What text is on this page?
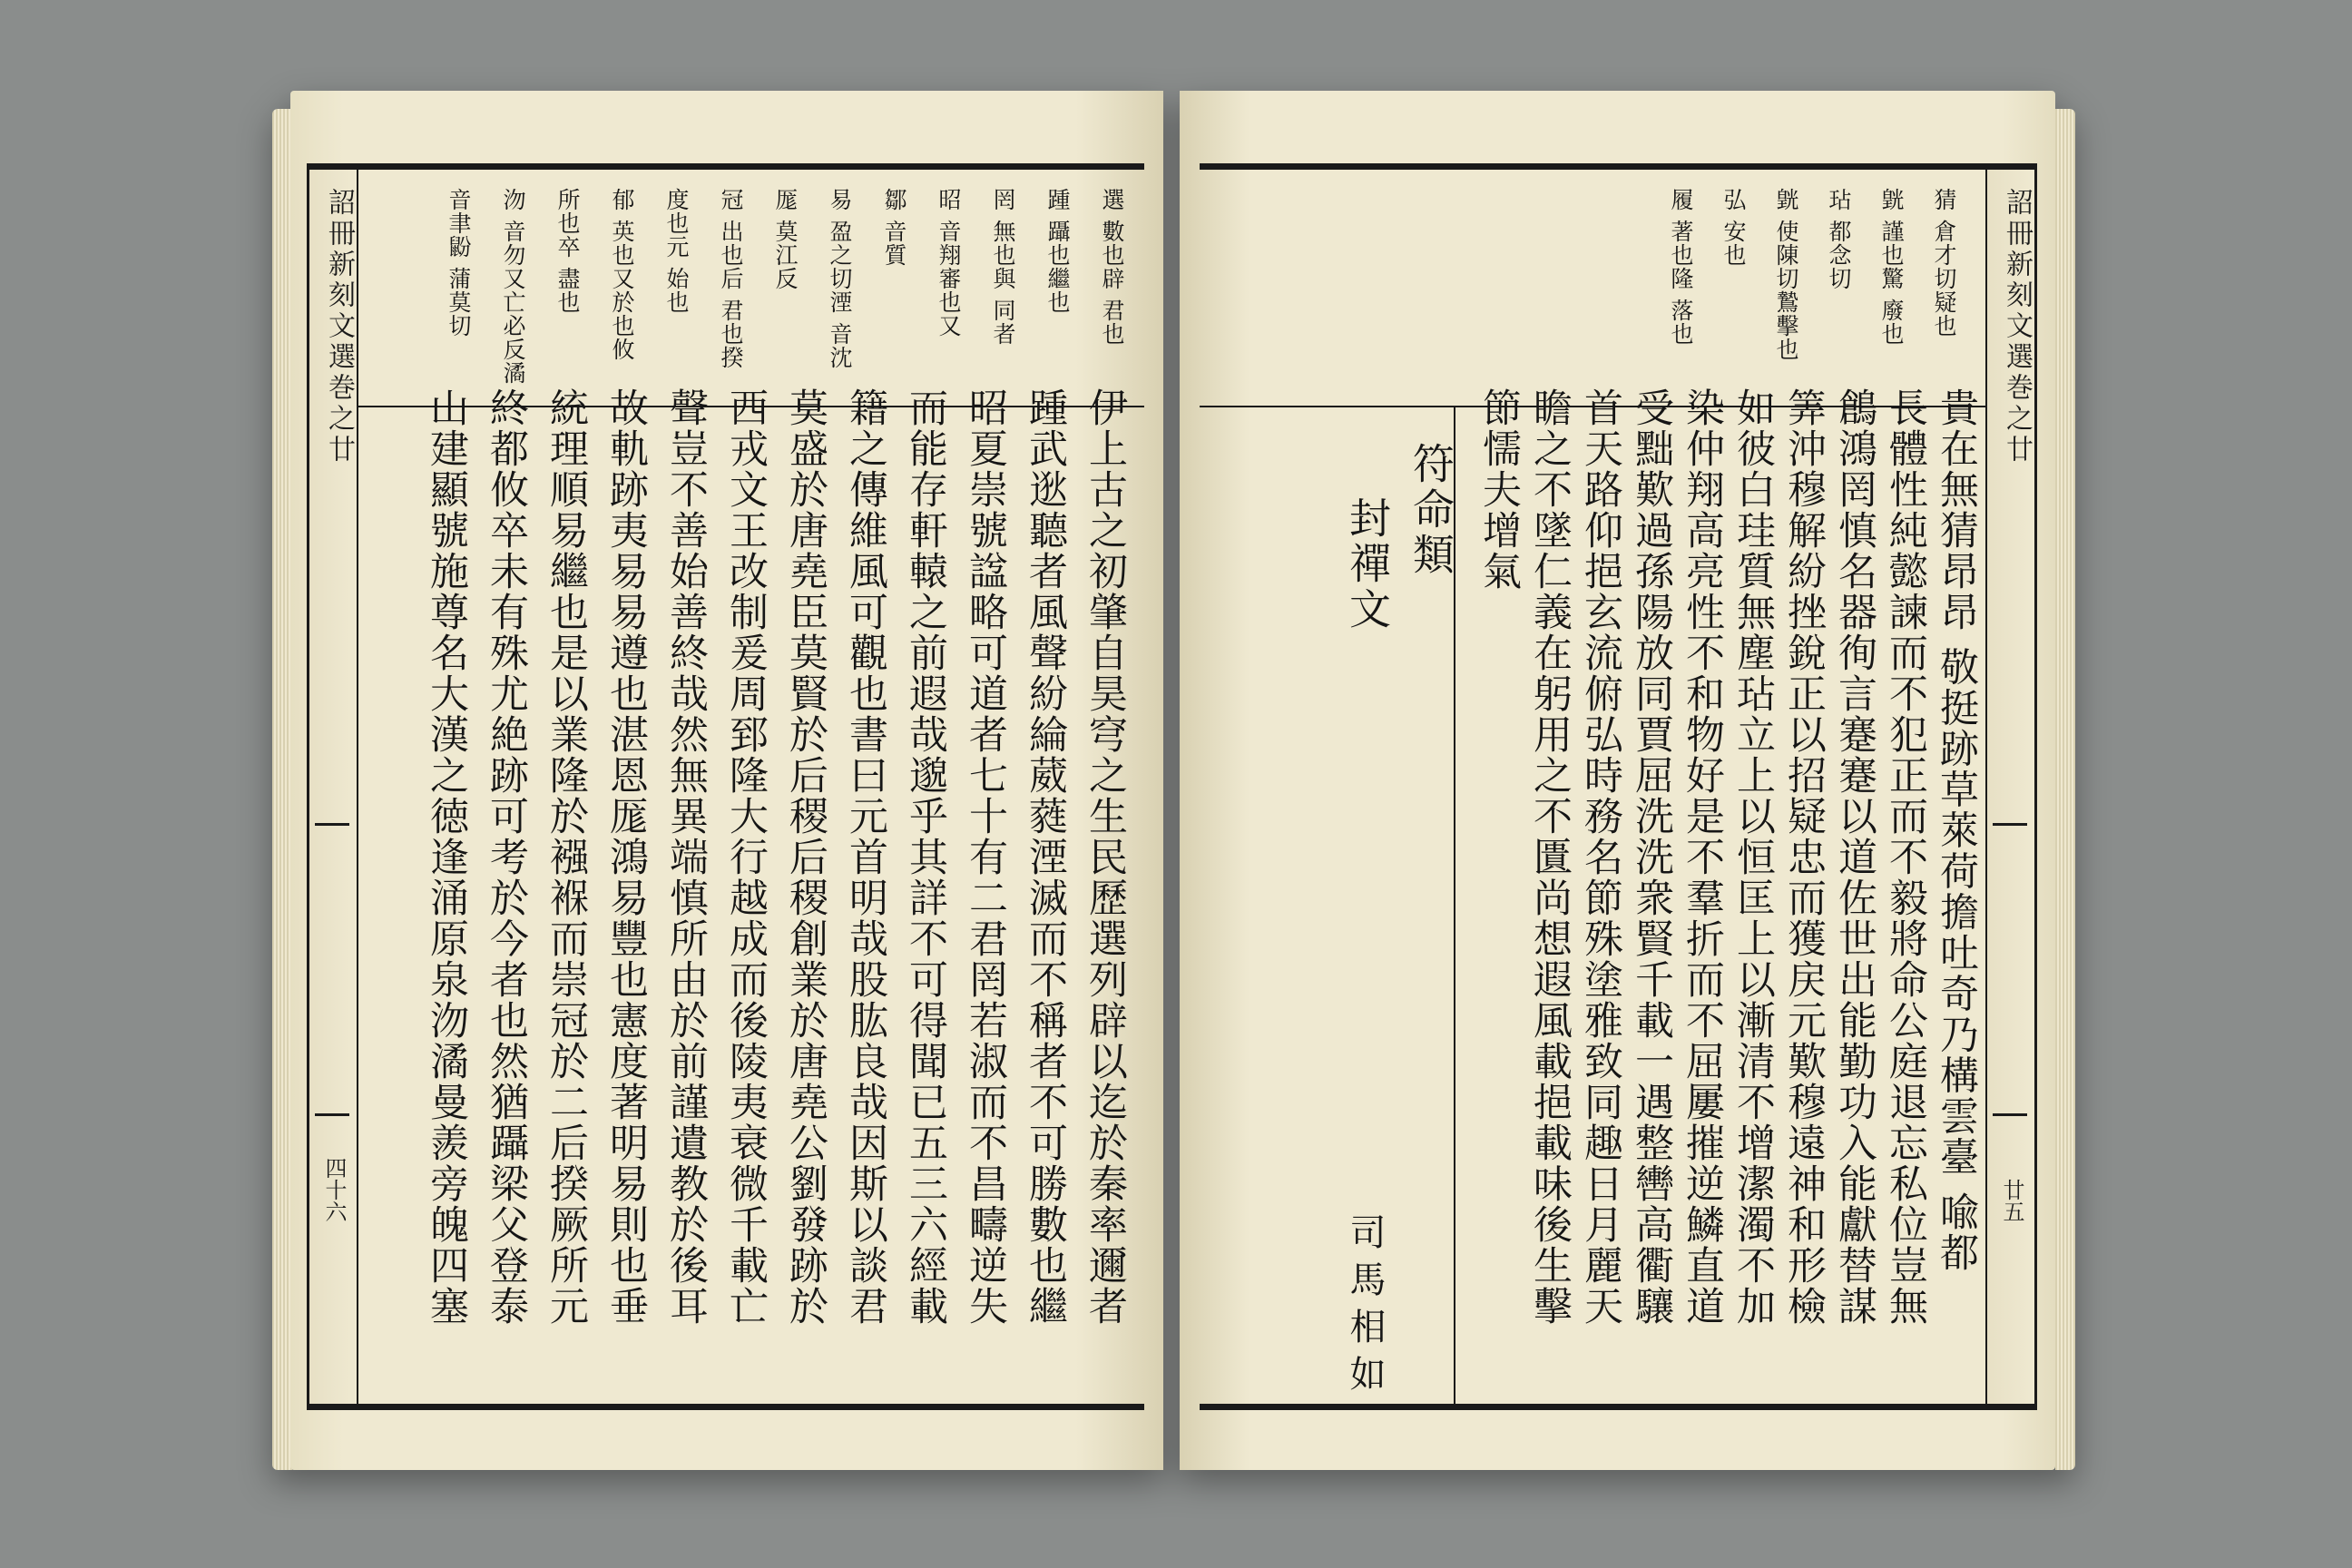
詔冊新刻文選巻之廿
四十六	伊上古之初肇自昊穹之生民歷選列辟以迄於秦率邇者
踵武逖聽者風聲紛綸葳蕤湮滅而不稱者不可勝數也繼
昭夏崇號諡略可道者七十有二君罔若淑而不昌疇逆失
而能存軒轅之前遐哉邈乎其詳不可得聞已五三六經載
籍之傳維風可觀也書曰元首明哉股肱良哉因斯以談君
莫盛於唐堯臣莫賢於后稷后稷創業於唐堯公劉發跡於
西戎文王改制爰周郅隆大行越成而後陵夷衰微千載亡
聲豈不善始善終哉然無異端慎所由於前謹遺教於後耳
故軌跡夷易易遵也湛恩厖鴻易豐也憲度著明易則也垂
統理順易繼也是以業隆於襁褓而崇冠於二后揆厥所元
終都攸卒未有殊尤絶跡可考於今者也然猶躡梁父登泰
山建顯號施尊名大漢之徳逢涌原泉沕潏曼羨旁魄四塞
選 數也辟 君也
踵 躡也繼也
罔 無也與 同者
昭 音翔審也又
鄒 音質
易 盈之切湮 音沈
厖 莫江反
冠 出也后 君也揆
度也元 始也
郁 英也又於也攸
所也卒 盡也
沕 音勿又亡必反潏
音聿鼢 蒲莫切	詔冊新刻文選巻之廿
廿五
貴在無猜昂昂 敬挺跡草萊荷擔吐奇乃構雲臺 喩都
長體性純懿諫而不犯正而不毅將命公庭退忘私位豈無
鶬鴻罔慎名器徇言蹇蹇以道佐世出能勤功入能獻替謀
筭沖穆解紛挫銳正以招疑忠而獲戻元歎穆遠神和形檢
如彼白珪質無塵玷立上以恒匡上以漸清不增潔濁不加
染仲翔高亮性不和物好是不羣折而不屈屢摧逆鱗直道
受黜歎過孫陽放同賈屈洗洗衆賢千載一遇整轡高衢驤
首天路仰挹玄流俯弘時務名節殊塗雅致同趣日月麗天
瞻之不墜仁義在躬用之不匱尚想遐風載挹載味後生擊
節懦夫增氣
符命類
封禪文
司馬相如
猜 倉才切疑也
皝 謹也驚 廢也
玷 都念切
皝 使陳切鷙擊也
弘 安也
履 著也隆 落也
